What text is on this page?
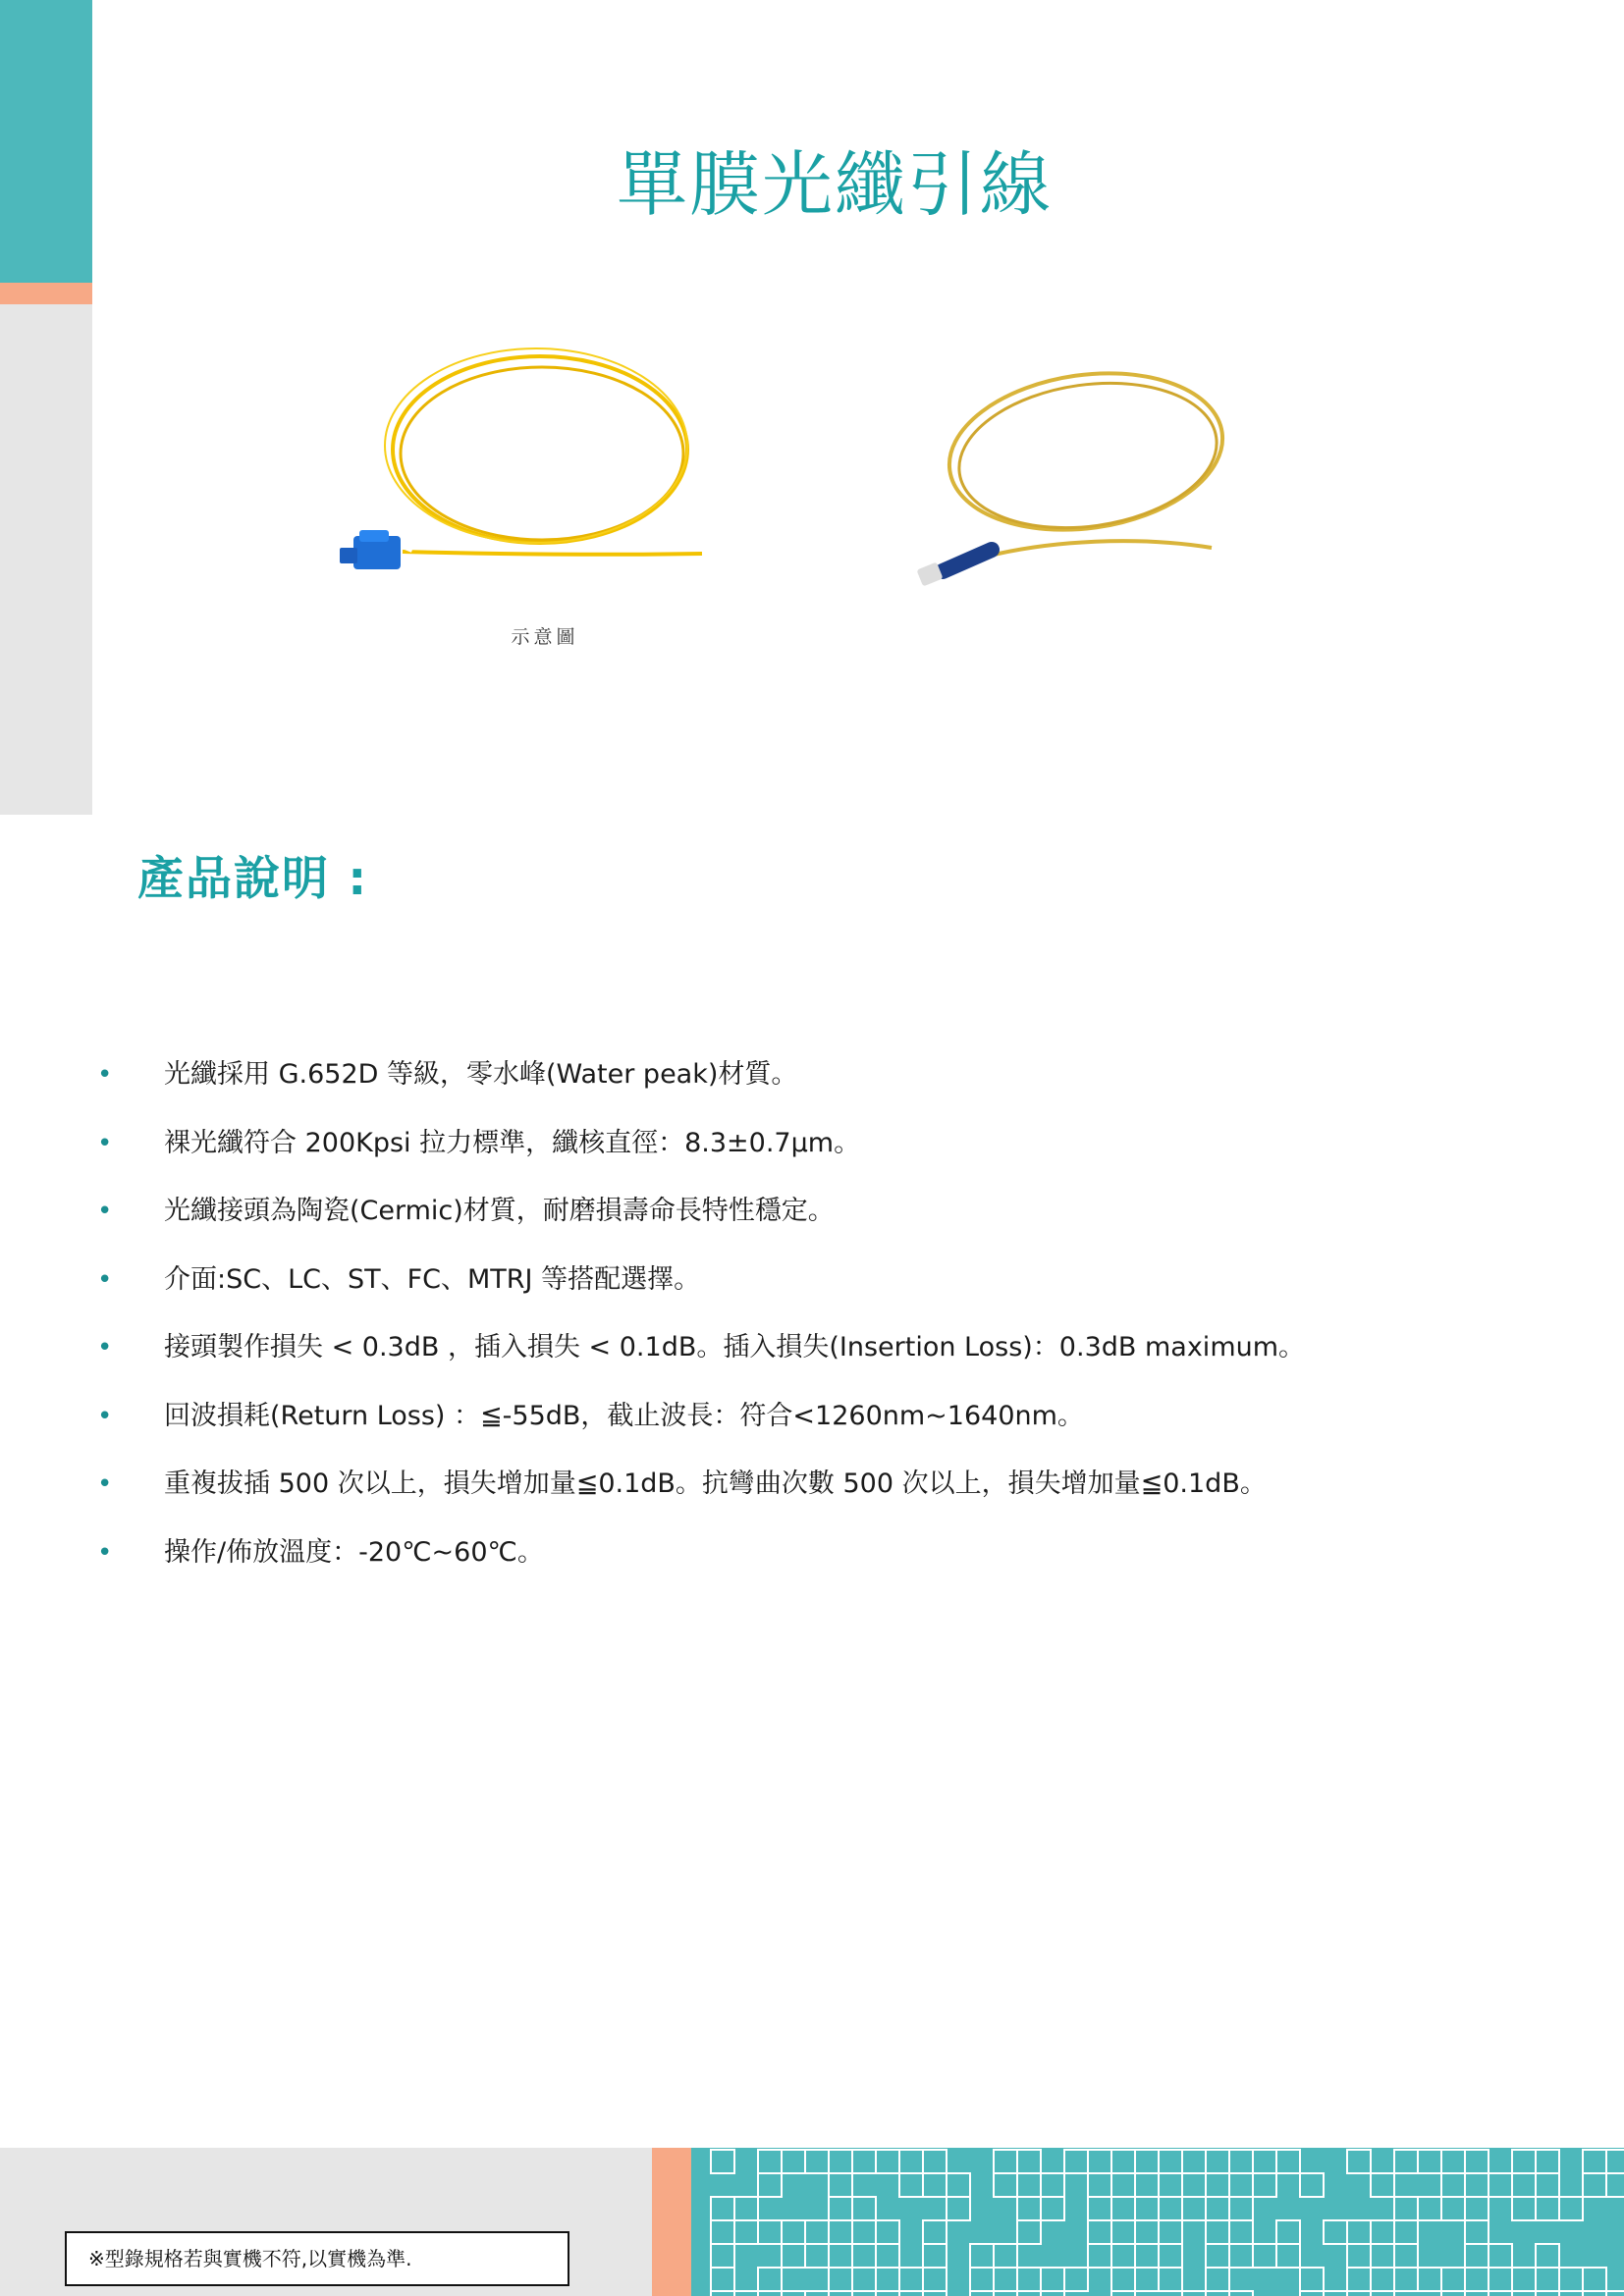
單膜光纖引線
示意圖
產品說明 :
• 光纖採用 G.652D 等級，零水峰(Water peak)材質。
• 裸光纖符合 200Kpsi 拉力標準，纖核直徑：8.3±0.7µm。
• 光纖接頭為陶瓷(Cermic)材質，耐磨損壽命長特性穩定。
• 介面:SC、LC、ST、FC、MTRJ 等搭配選擇。
• 接頭製作損失 < 0.3dB ，插入損失 < 0.1dB。插入損失(Insertion Loss)：0.3dB maximum。
• 回波損耗(Return Loss) ：≦-55dB，截止波長：符合<1260nm~1640nm。
• 重複拔插 500 次以上，損失增加量≦0.1dB。抗彎曲次數 500 次以上，損失增加量≦0.1dB。
• 操作/佈放溫度：-20℃~60℃。
※型錄規格若與實機不符,以實機為準.
